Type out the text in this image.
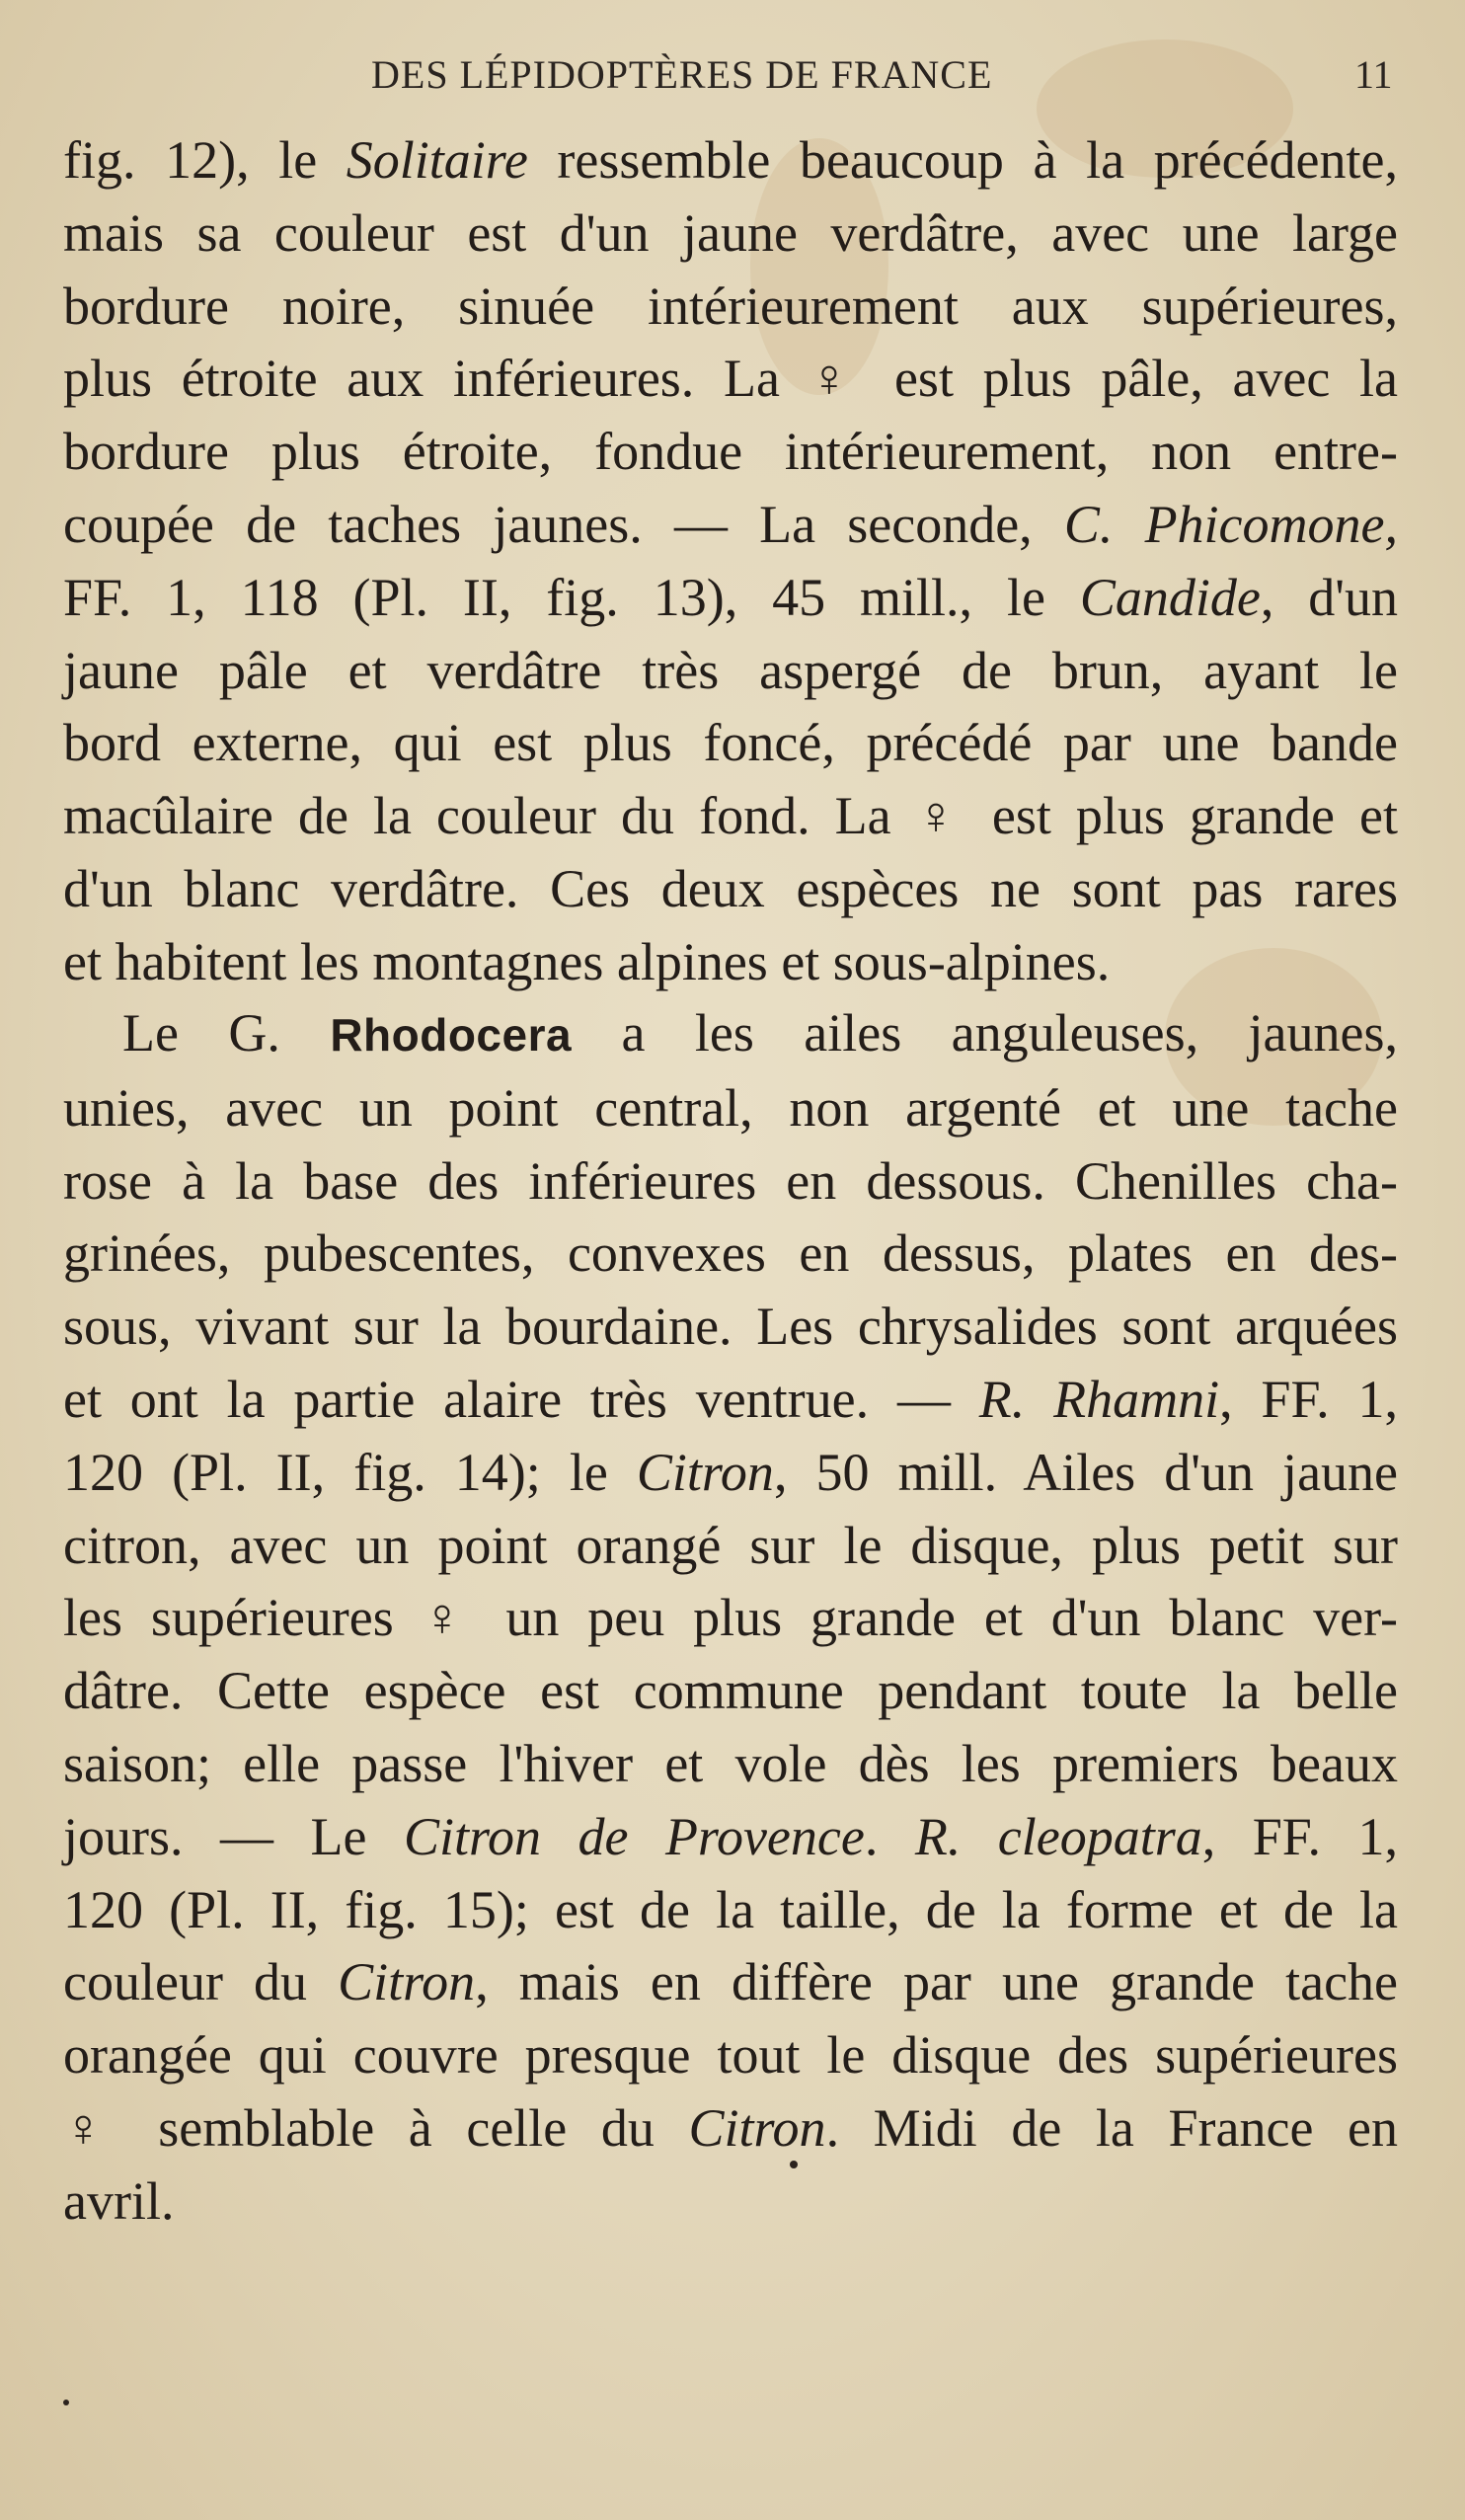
DES LÉPIDOPTÈRES DE FRANCE	11
fig. 12), le Solitaire ressemble beaucoup à la précédente,
mais sa couleur est d'un jaune verdâtre, avec une large
bordure noire, sinuée intérieurement aux supérieures,
plus étroite aux inférieures. La ♀ est plus pâle, avec la
bordure plus étroite, fondue intérieurement, non entre-
coupée de taches jaunes. — La seconde, C. Phicomone,
FF. 1, 118 (Pl. II, fig. 13), 45 mill., le Candide, d'un
jaune pâle et verdâtre très aspergé de brun, ayant le
bord externe, qui est plus foncé, précédé par une bande
macûlaire de la couleur du fond. La ♀ est plus grande et
d'un blanc verdâtre. Ces deux espèces ne sont pas rares
et habitent les montagnes alpines et sous-alpines.
Le G. Rhodocera a les ailes anguleuses, jaunes,
unies, avec un point central, non argenté et une tache
rose à la base des inférieures en dessous. Chenilles cha-
grinées, pubescentes, convexes en dessus, plates en des-
sous, vivant sur la bourdaine. Les chrysalides sont arquées
et ont la partie alaire très ventrue. — R. Rhamni, FF. 1,
120 (Pl. II, fig. 14); le Citron, 50 mill. Ailes d'un jaune
citron, avec un point orangé sur le disque, plus petit sur
les supérieures ♀ un peu plus grande et d'un blanc ver-
dâtre. Cette espèce est commune pendant toute la belle
saison; elle passe l'hiver et vole dès les premiers beaux
jours. — Le Citron de Provence. R. cleopatra, FF. 1,
120 (Pl. II, fig. 15); est de la taille, de la forme et de la
couleur du Citron, mais en diffère par une grande tache
orangée qui couvre presque tout le disque des supérieures
♀ semblable à celle du Citron. Midi de la France en
avril.
